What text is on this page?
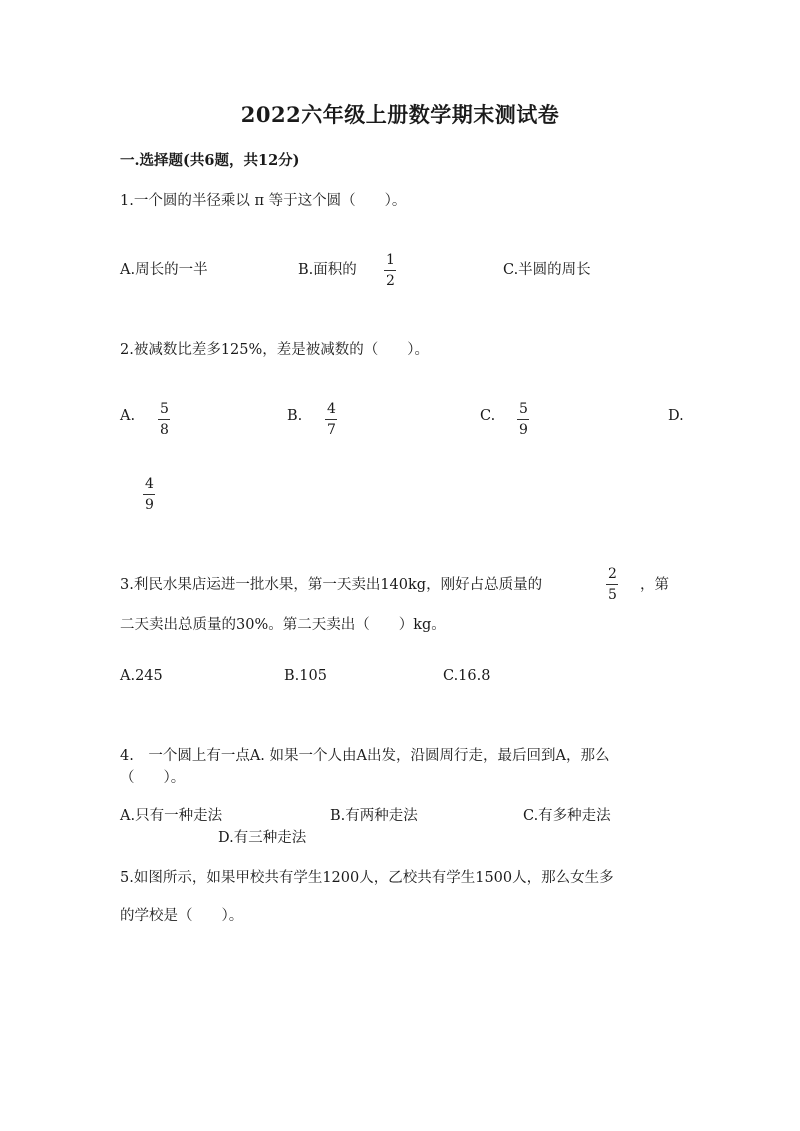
2022六年级上册数学期末测试卷
一.选择题(共6题，共12分)
1.一个圆的半径乘以 π 等于这个圆（　　）。
A.周长的一半	B.面积的
1
2
C.半圆的周长
2.被减数比差多125%，差是被减数的（　　）。
A. 5
8
B. 4
7
C. 5
9
D.
4
9
3.利民水果店运进一批水果，第一天卖出140kg，刚好占总质量的
2
5
，第
二天卖出总质量的30%。第二天卖出（　　）kg。
A.245	B.105	C.16.8
4.　一个圆上有一点A. 如果一个人由A出发，沿圆周行走，最后回到A，那么
（　　）。
A.只有一种走法	B.有两种走法	C.有多种走法
D.有三种走法
5.如图所示，如果甲校共有学生1200人，乙校共有学生1500人，那么女生多
的学校是（　　）。
